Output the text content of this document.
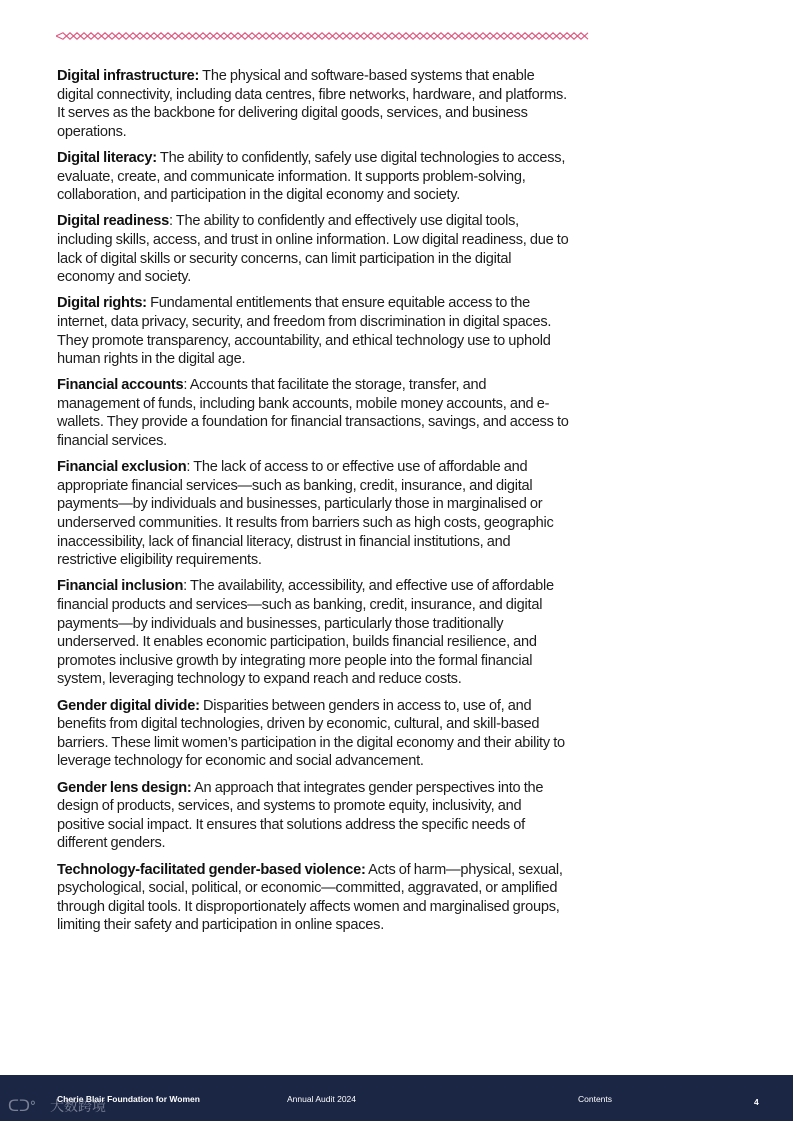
Digital infrastructure: The physical and software-based systems that enable digital connectivity, including data centres, fibre networks, hardware, and platforms. It serves as the backbone for delivering digital goods, services, and business operations.

Digital literacy: The ability to confidently, safely use digital technologies to access, evaluate, create, and communicate information. It supports problem-solving, collaboration, and participation in the digital economy and society.

Digital readiness: The ability to confidently and effectively use digital tools, including skills, access, and trust in online information. Low digital readiness, due to lack of digital skills or security concerns, can limit participation in the digital economy and society.

Digital rights: Fundamental entitlements that ensure equitable access to the internet, data privacy, security, and freedom from discrimination in digital spaces. They promote transparency, accountability, and ethical technology use to uphold human rights in the digital age.

Financial accounts: Accounts that facilitate the storage, transfer, and management of funds, including bank accounts, mobile money accounts, and e-wallets. They provide a foundation for financial transactions, savings, and access to financial services.

Financial exclusion: The lack of access to or effective use of affordable and appropriate financial services—such as banking, credit, insurance, and digital payments—by individuals and businesses, particularly those in marginalised or underserved communities. It results from barriers such as high costs, geographic inaccessibility, lack of financial literacy, distrust in financial institutions, and restrictive eligibility requirements.

Financial inclusion: The availability, accessibility, and effective use of affordable financial products and services—such as banking, credit, insurance, and digital payments—by individuals and businesses, particularly those traditionally underserved. It enables economic participation, builds financial resilience, and promotes inclusive growth by integrating more people into the formal financial system, leveraging technology to expand reach and reduce costs.

Gender digital divide: Disparities between genders in access to, use of, and benefits from digital technologies, driven by economic, cultural, and skill-based barriers. These limit women’s participation in the digital economy and their ability to leverage technology for economic and social advancement.

Gender lens design: An approach that integrates gender perspectives into the design of products, services, and systems to promote equity, inclusivity, and positive social impact. It ensures that solutions address the specific needs of different genders.

Technology-facilitated gender-based violence: Acts of harm—physical, sexual, psychological, social, political, or economic—committed, aggravated, or amplified through digital tools. It disproportionately affects women and marginalised groups, limiting their safety and participation in online spaces.

Cherie Blair Foundation for Women	Annual Audit 2024	Contents	4
ᑕᑐᐤ 大数跨境
